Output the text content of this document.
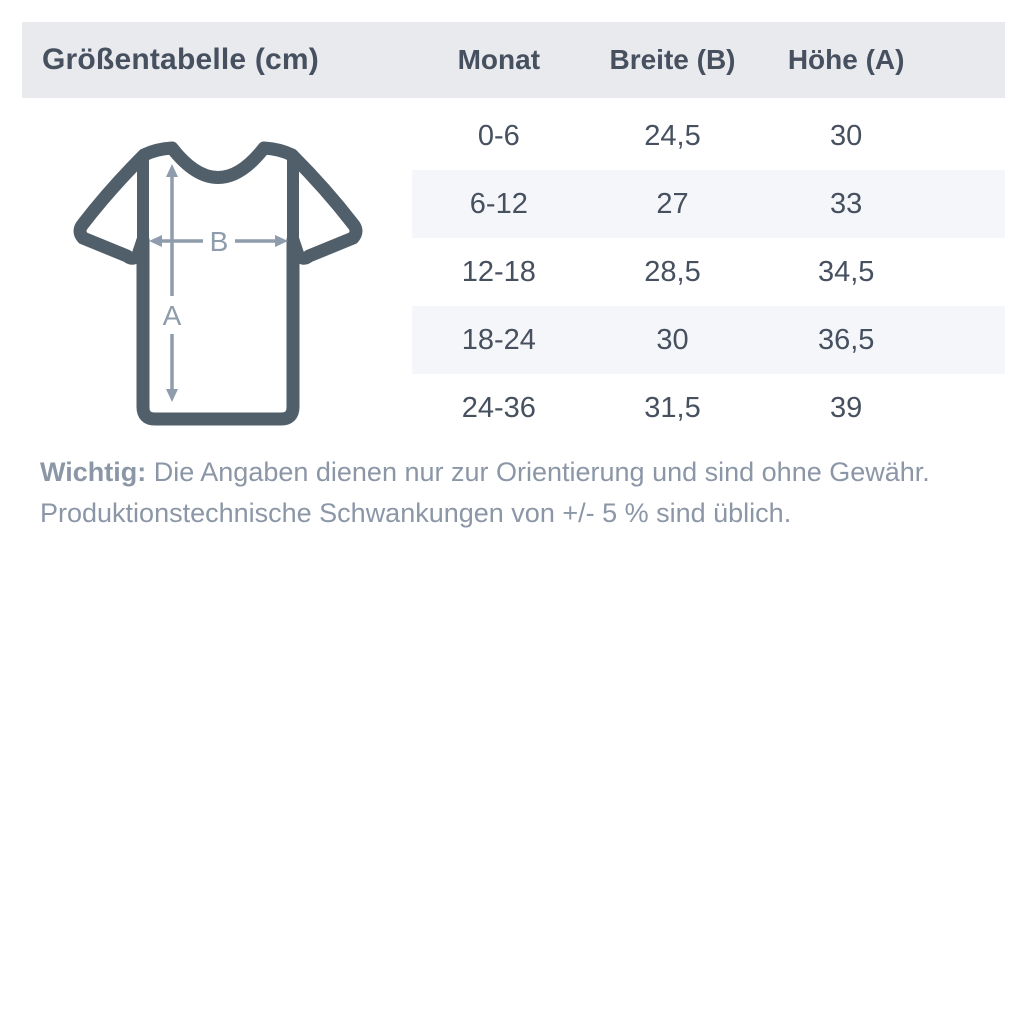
Größentabelle (cm)	Monat	Breite (B)	Höhe (A)
A
B
0-6	24,5	30
6-12	27	33
12-18	28,5	34,5
18-24	30	36,5
24-36	31,5	39

Wichtig: Die Angaben dienen nur zur Orientierung und sind ohne Gewähr.
Produktionstechnische Schwankungen von +/- 5 % sind üblich.
